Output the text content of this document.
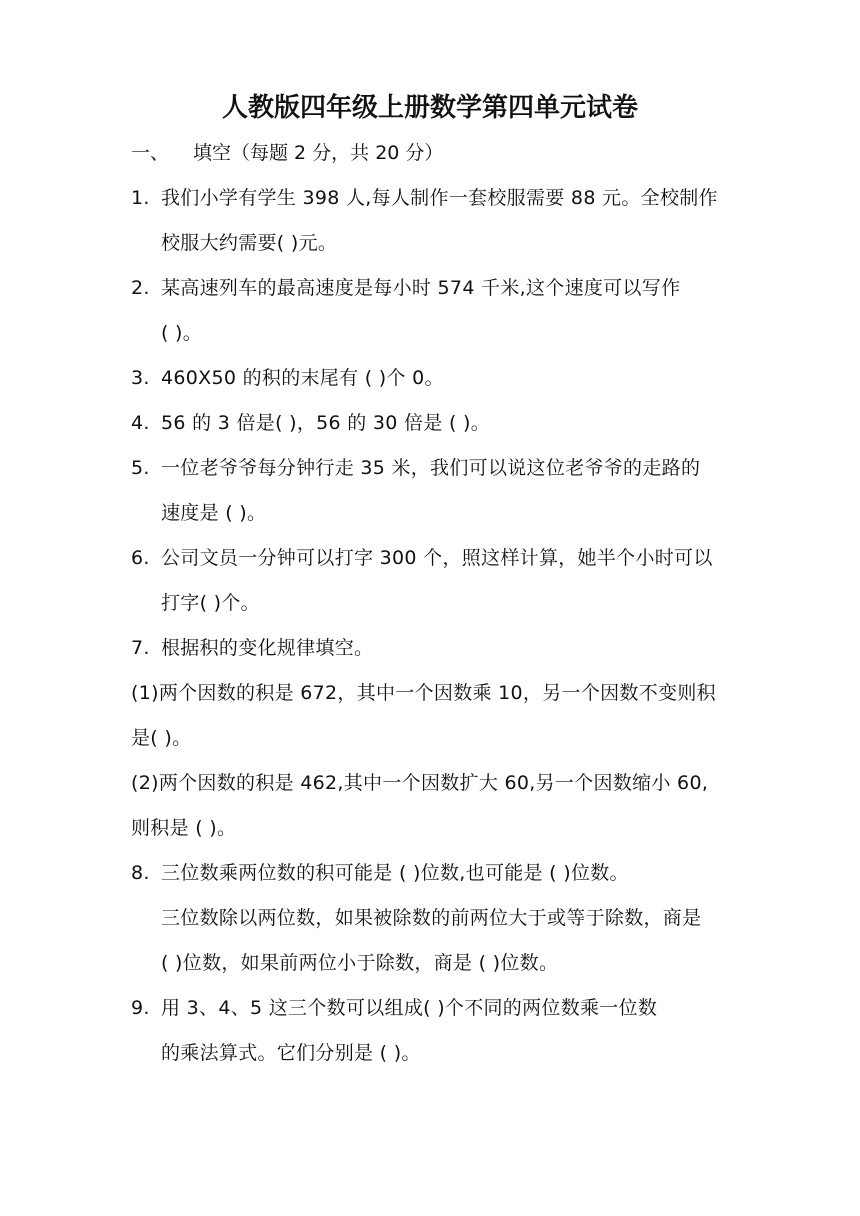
人教版四年级上册数学第四单元试卷
一、 填空（每题 2 分，共 20 分）
1. 我们小学有学生 398 人,每人制作一套校服需要 88 元。全校制作
校服大约需要( )元。
2. 某高速列车的最高速度是每小时 574 千米,这个速度可以写作
( )。
3. 460X50 的积的末尾有 ( )个 0。
4. 56 的 3 倍是( )，56 的 30 倍是 ( )。
5. 一位老爷爷每分钟行走 35 米，我们可以说这位老爷爷的走路的
速度是 ( )。
6. 公司文员一分钟可以打字 300 个，照这样计算，她半个小时可以
打字( )个。
7. 根据积的变化规律填空。
(1)两个因数的积是 672，其中一个因数乘 10，另一个因数不变则积
是( )。
(2)两个因数的积是 462,其中一个因数扩大 60,另一个因数缩小 60,
则积是 ( )。
8. 三位数乘两位数的积可能是 ( )位数,也可能是 ( )位数。
三位数除以两位数，如果被除数的前两位大于或等于除数，商是
( )位数，如果前两位小于除数，商是 ( )位数。
9. 用 3、4、5 这三个数可以组成( )个不同的两位数乘一位数
的乘法算式。它们分别是 ( )。
